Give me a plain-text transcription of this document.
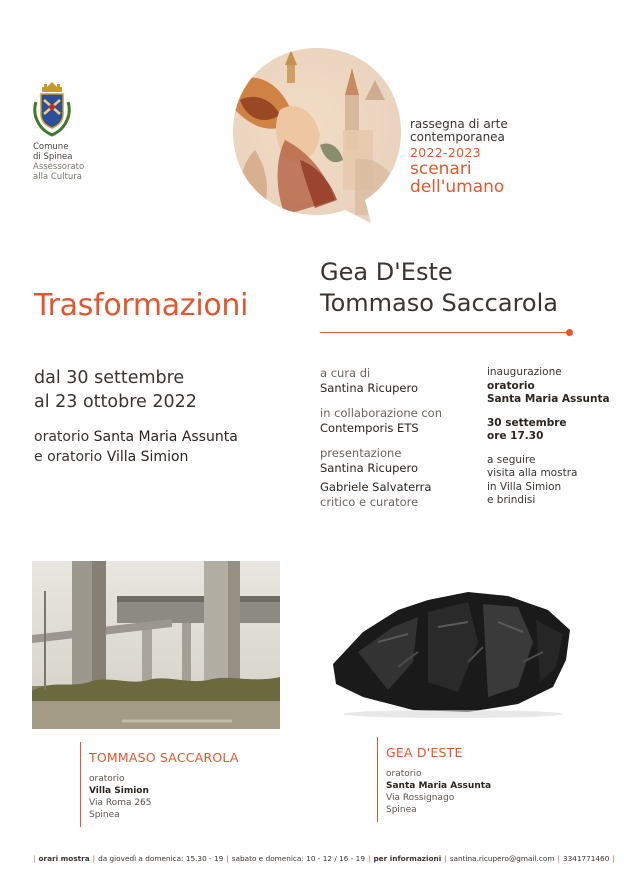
Comune
di Spinea
Assessorato
alla Cultura
rassegna di arte
contemporanea
2022-2023
scenari
dell'umano
Trasformazioni
Gea D'Este
Tommaso Saccarola
dal 30 settembre
al 23 ottobre 2022
oratorio Santa Maria Assunta
e oratorio Villa Simion
a cura di
Santina Ricupero
in collaborazione con
Contemporis ETS
presentazione
Santina Ricupero
Gabriele Salvaterra
critico e curatore
inaugurazione
oratorio
Santa Maria Assunta
30 settembre
ore 17.30
a seguire
visita alla mostra
in Villa Simion
e brindisi
TOMMASO SACCAROLA
oratorio
Villa Simion
Via Roma 265
Spinea
GEA D'ESTE
oratorio
Santa Maria Assunta
Via Rossignago
Spinea
| orari mostra | da giovedì a domenica: 15.30 - 19 | sabato e domenica: 10 - 12 / 16 - 19 | per informazioni | santina.ricupero@gmail.com | 3341771460 |
